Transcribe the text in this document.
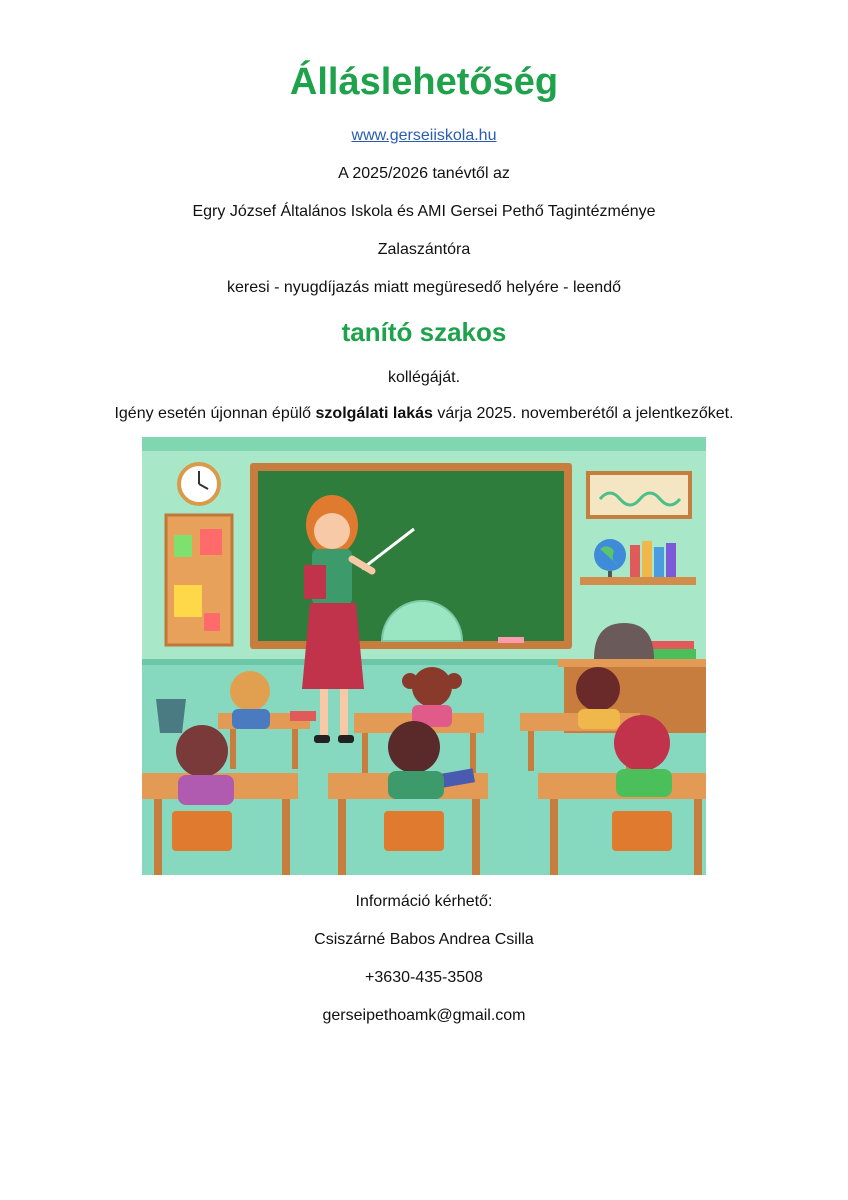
Álláslehetőség
www.gerseiiskola.hu
A 2025/2026 tanévtől az
Egry József Általános Iskola és AMI Gersei Pethő Tagintézménye
Zalaszántóra
keresi - nyugdíjazás miatt megüresedő helyére - leendő
tanító szakos
kollégáját.
Igény esetén újonnan épülő szolgálati lakás várja 2025. novemberétől a jelentkezőket.
Információ kérhető:
Csiszárné Babos Andrea Csilla
+3630-435-3508
gerseipethoamk@gmail.com
